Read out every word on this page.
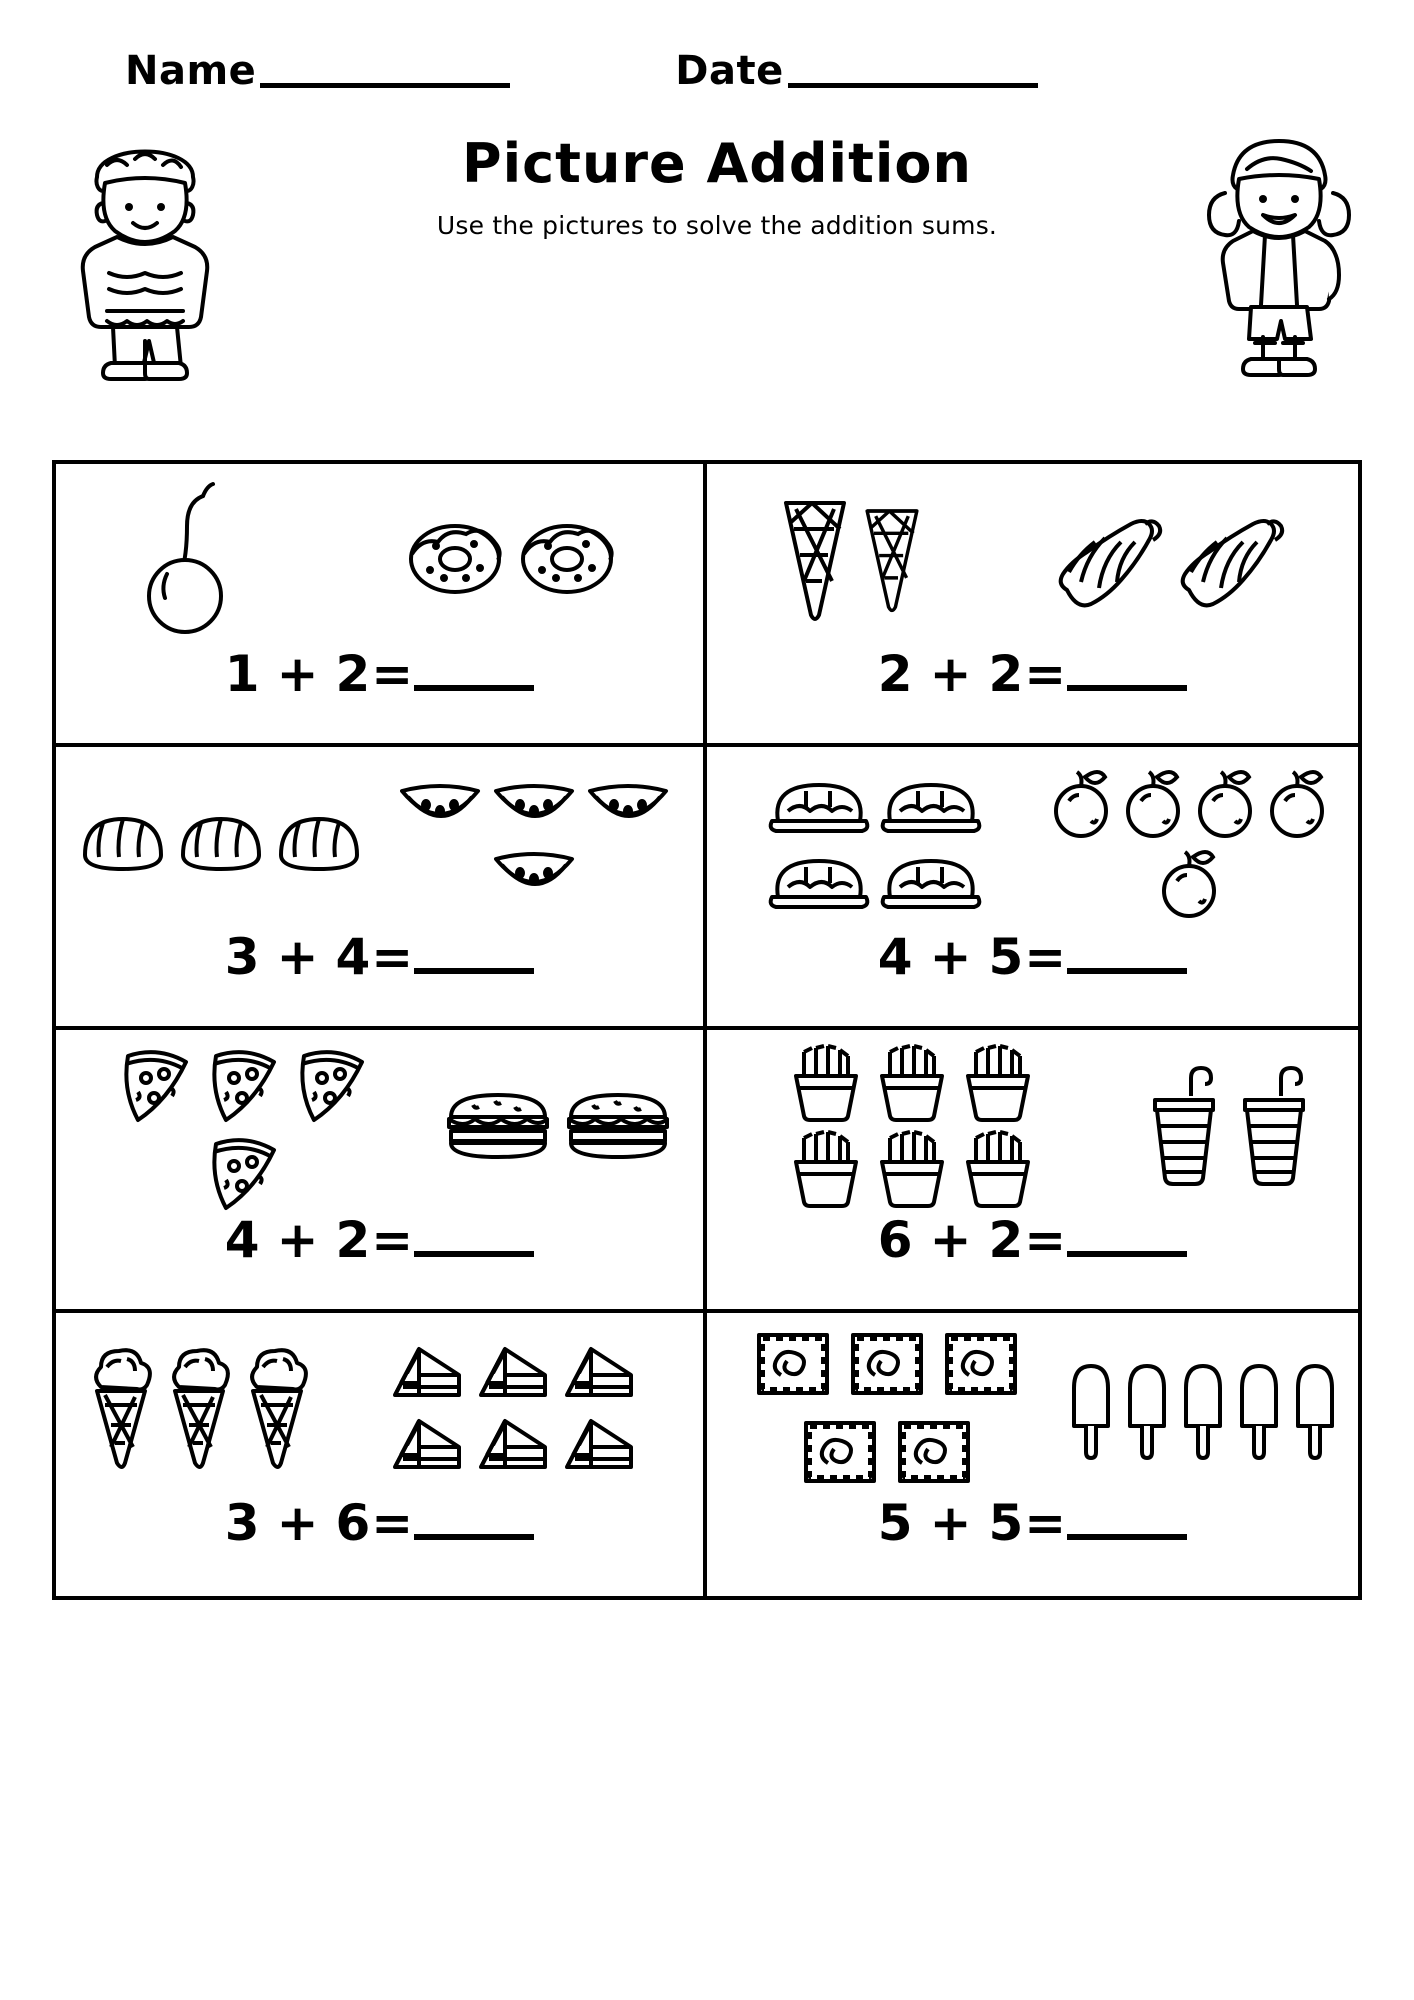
Name	Date
Picture Addition
Use the pictures to solve the addition sums.
1 + 2 =	2 + 2 =
3 + 4 =	4 + 5 =
4 + 2 =	6 + 2 =
3 + 6 =	5 + 5 =
